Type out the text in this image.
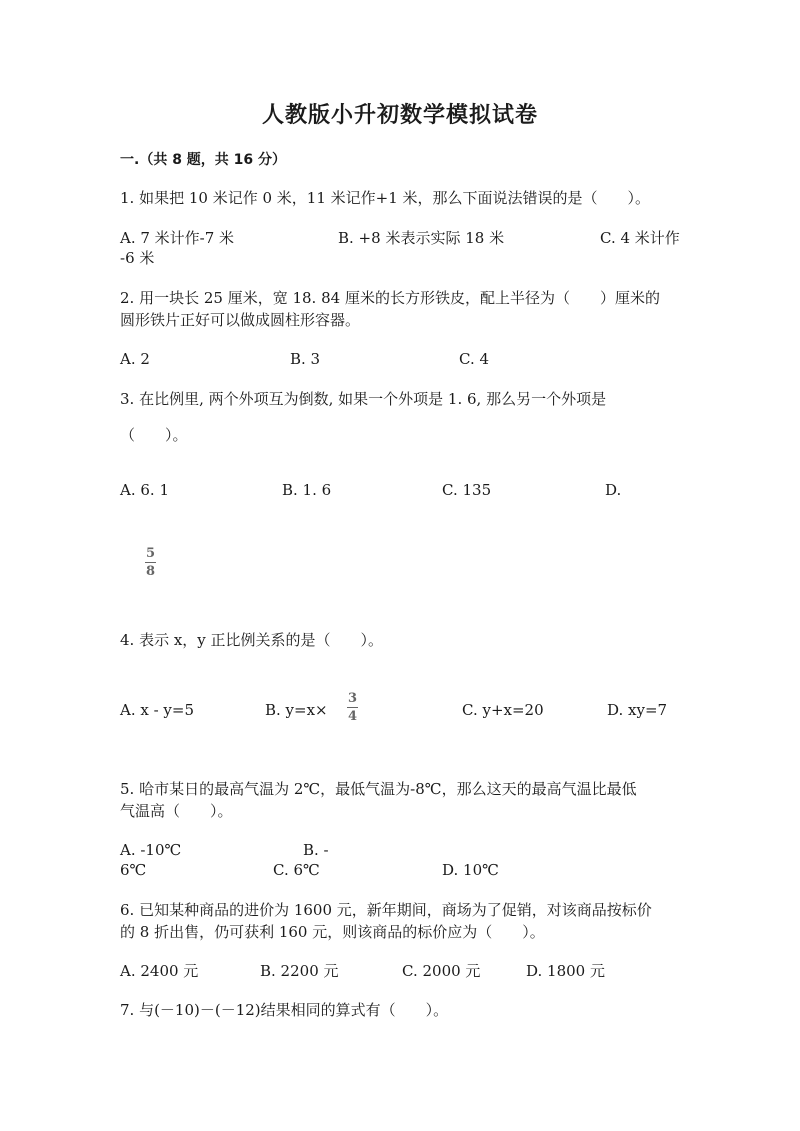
人教版小升初数学模拟试卷
一.（共 8 题，共 16 分）
1. 如果把 10 米记作 0 米，11 米记作+1 米，那么下面说法错误的是（　　）。
A. 7 米计作-7 米	B. +8 米表示实际 18 米	C. 4 米计作
-6 米
2. 用一块长 25 厘米，宽 18. 84 厘米的长方形铁皮，配上半径为（　　）厘米的
圆形铁片正好可以做成圆柱形容器。
A. 2	B. 3	C. 4
3. 在比例里, 两个外项互为倒数, 如果一个外项是 1. 6, 那么另一个外项是
（　　）。
A. 6. 1	B. 1. 6	C. 135	D.
5
8
4. 表示 x，y 正比例关系的是（　　）。
A. x - y=5	B. y=x×
3
4	C. y+x=20	D. xy=7
5. 哈市某日的最高气温为 2℃，最低气温为-8℃，那么这天的最高气温比最低
气温高（　　）。
A. -10℃	B. -
6℃	C. 6℃	D. 10℃
6. 已知某种商品的进价为 1600 元，新年期间，商场为了促销，对该商品按标价
的 8 折出售，仍可获利 160 元，则该商品的标价应为（　　）。
A. 2400 元	B. 2200 元	C. 2000 元	D. 1800 元
7. 与(－10)－(－12)结果相同的算式有（　　）。
